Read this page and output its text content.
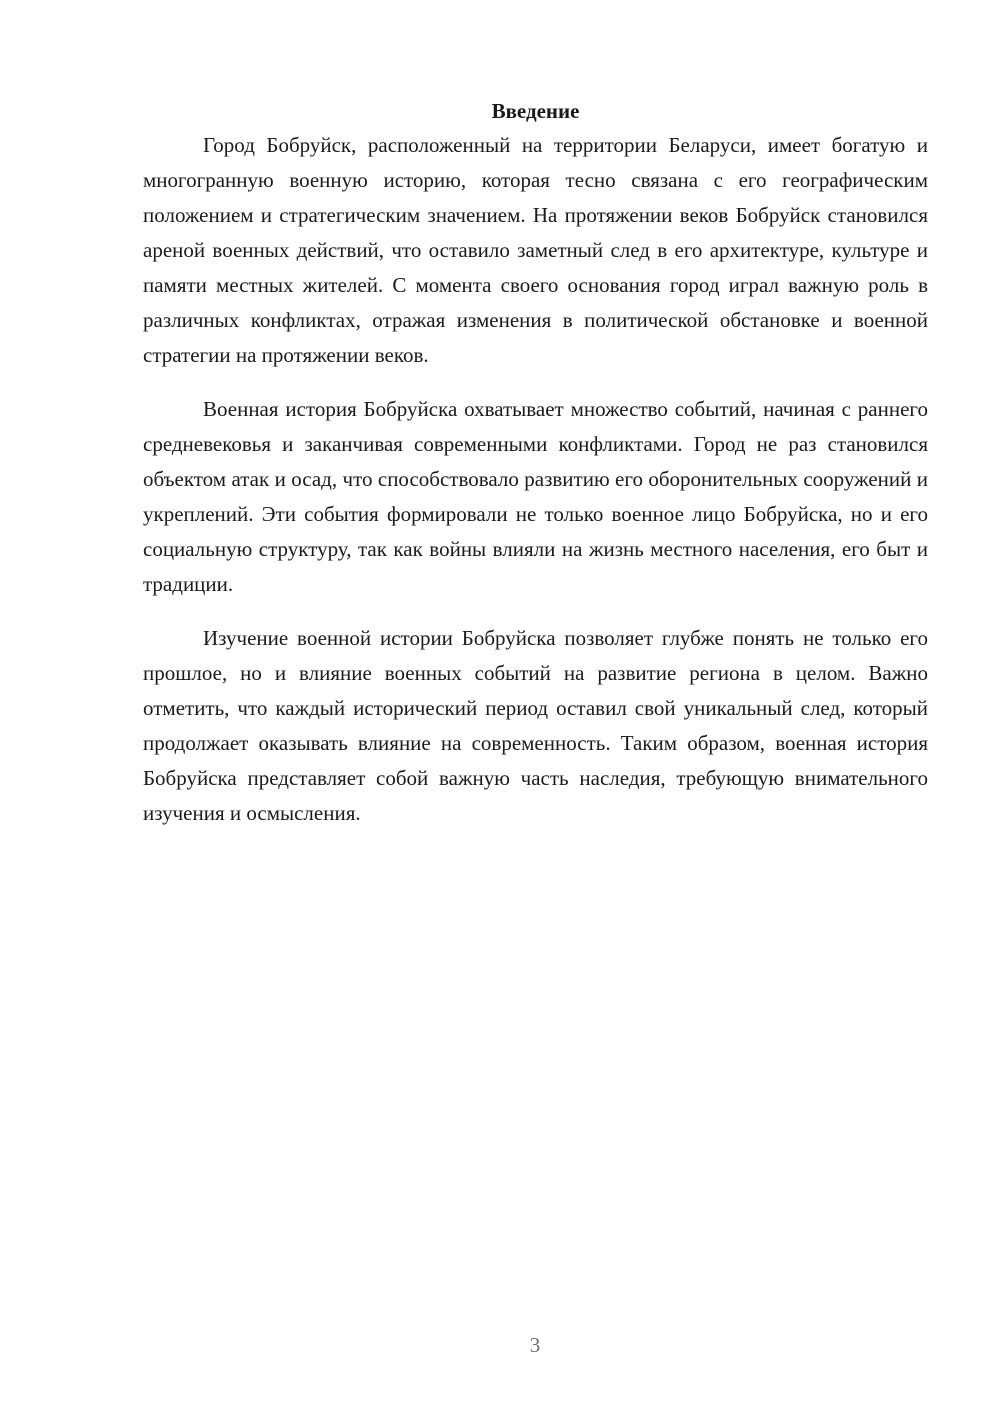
Введение

Город Бобруйск, расположенный на территории Беларуси, имеет богатую и многогранную военную историю, которая тесно связана с его географическим положением и стратегическим значением. На протяжении веков Бобруйск становился ареной военных действий, что оставило заметный след в его архитектуре, культуре и памяти местных жителей. С момента своего основания город играл важную роль в различных конфликтах, отражая изменения в политической обстановке и военной стратегии на протяжении веков.

Военная история Бобруйска охватывает множество событий, начиная с раннего средневековья и заканчивая современными конфликтами. Город не раз становился объектом атак и осад, что способствовало развитию его оборонительных сооружений и укреплений. Эти события формировали не только военное лицо Бобруйска, но и его социальную структуру, так как войны влияли на жизнь местного населения, его быт и традиции.

Изучение военной истории Бобруйска позволяет глубже понять не только его прошлое, но и влияние военных событий на развитие региона в целом. Важно отметить, что каждый исторический период оставил свой уникальный след, который продолжает оказывать влияние на современность. Таким образом, военная история Бобруйска представляет собой важную часть наследия, требующую внимательного изучения и осмысления.

3
